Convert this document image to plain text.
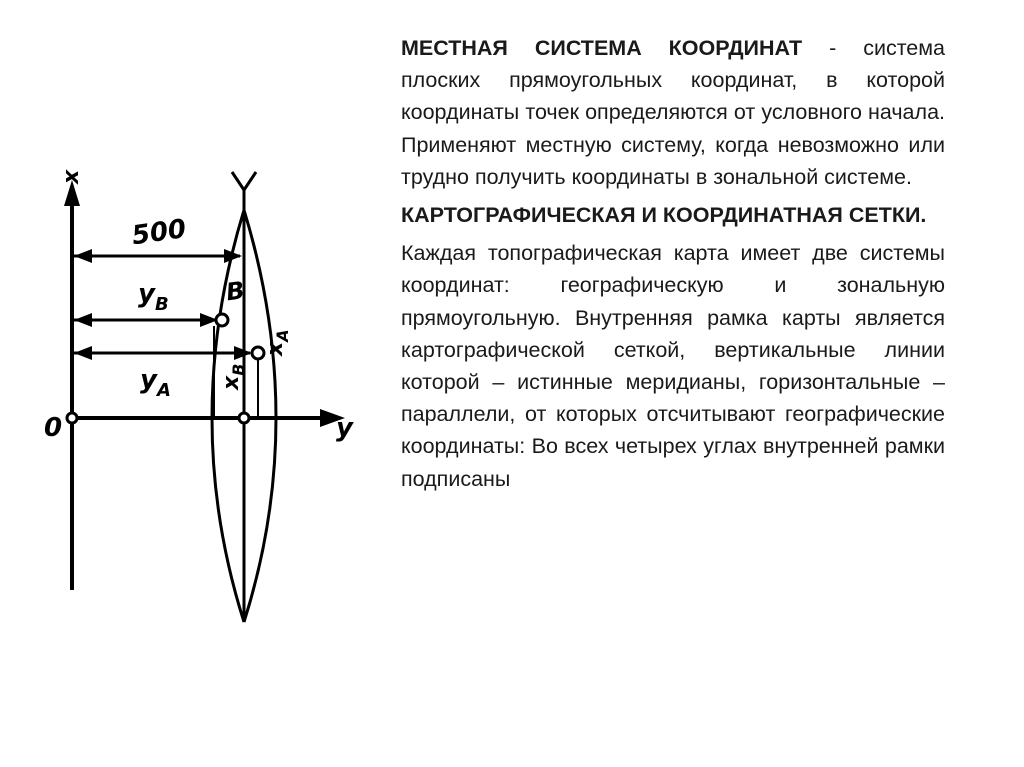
x
y
0
500
$y_B$ B
$y_A$ $x_B$
$x_A$

МЕСТНАЯ СИСТЕМА КООРДИНАТ - система плоских прямоугольных координат, в которой координаты точек определяются от условного начала. Применяют местную систему, когда невозможно или трудно получить координаты в зональной системе.

КАРТОГРАФИЧЕСКАЯ И КООРДИНАТНАЯ СЕТКИ.

Каждая топографическая карта имеет две системы координат: географическую и зональную прямоугольную. Внутренняя рамка карты является картографической сеткой, вертикальные линии которой – истинные меридианы, горизонтальные – параллели, от которых отсчитывают географические координаты: Во всех четырех углах внутренней рамки подписаны
